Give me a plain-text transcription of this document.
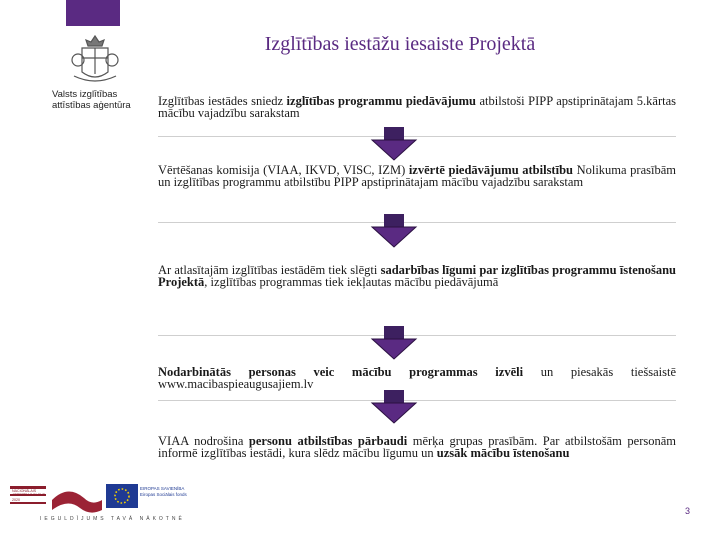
Valsts izglītības attīstības aģentūra
Izglītības iestāžu iesaiste Projektā
Izglītības iestādes sniedz izglītības programmu piedāvājumu atbilstoši PIPP apstiprinātajam 5.kārtas mācību vajadzību sarakstam
Vērtēšanas komisija (VIAA, IKVD, VISC, IZM) izvērtē piedāvājumu atbilstību Nolikuma prasībām un izglītības programmu atbilstību PIPP apstiprinātajam mācību vajadzību sarakstam
Ar atlasītajām izglītības iestādēm tiek slēgti sadarbības līgumi par izglītības programmu īstenošanu Projektā, izglītības programmas tiek iekļautas mācību piedāvājumā
Nodarbinātās personas veic mācību programmas izvēli un piesakās tiešsaistē www.macibaspieaugusajiem.lv
VIAA nodrošina personu atbilstības pārbaudi mērķa grupas prasībām. Par atbilstošām personām informē izglītības iestādi, kura slēdz mācību līgumu un uzsāk mācību īstenošanu
NACIONĀLAIS ATTĪSTĪBAS PLĀNS 2020
EIROPAS SAVIENĪBA Eiropas Sociālais fonds
IEGULDĪJUMS TAVĀ NĀKOTNĒ
3
